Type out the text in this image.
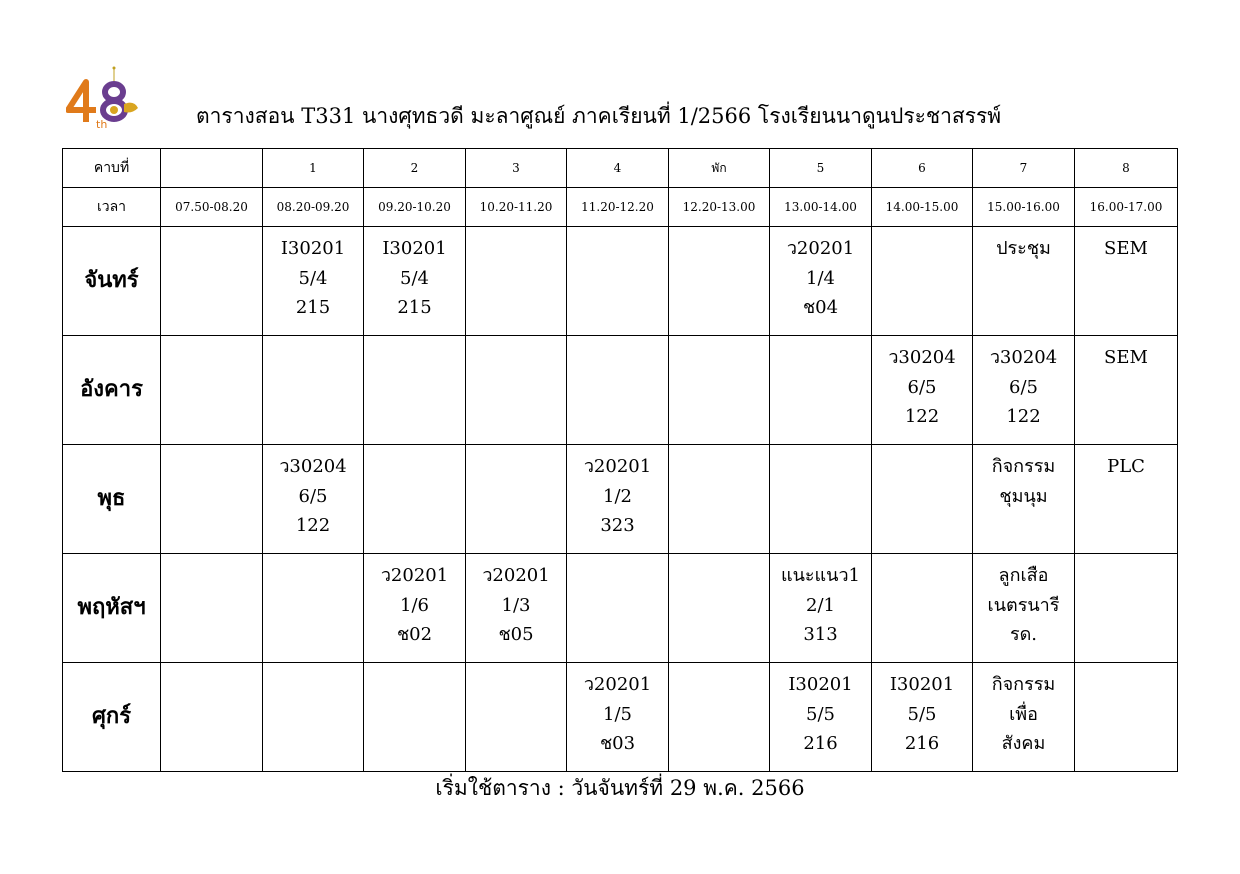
th	ตารางสอน T331 นางศุทธวดี มะลาศูณย์ ภาคเรียนที่ 1/2566 โรงเรียนนาดูนประชาสรรพ์
คาบที่		1	2	3	4	พัก	5	6	7	8
เวลา	07.50-08.20	08.20-09.20	09.20-10.20	10.20-11.20	11.20-12.20	12.20-13.00	13.00-14.00	14.00-15.00	15.00-16.00	16.00-17.00
จันทร์		I30201
5/4
215	I30201
5/4
215				ว20201
1/4
ช04		ประชุม	SEM

อังคาร								ว30204
6/5
122	ว30204
6/5
122	SEM

พุธ		ว30204
6/5
122			ว20201
1/2
323				กิจกรรม
ชุมนุม	PLC

พฤหัสฯ			ว20201
1/6
ช02	ว20201
1/3
ช05			แนะแนว1
2/1
313		ลูกเสือ
เนตรนารี
รด.	

ศุกร์					ว20201
1/5
ช03		I30201
5/5
216	I30201
5/5
216	กิจกรรม
เพื่อ
สังคม	

เริ่มใช้ตาราง : วันจันทร์ที่ 29 พ.ค. 2566
